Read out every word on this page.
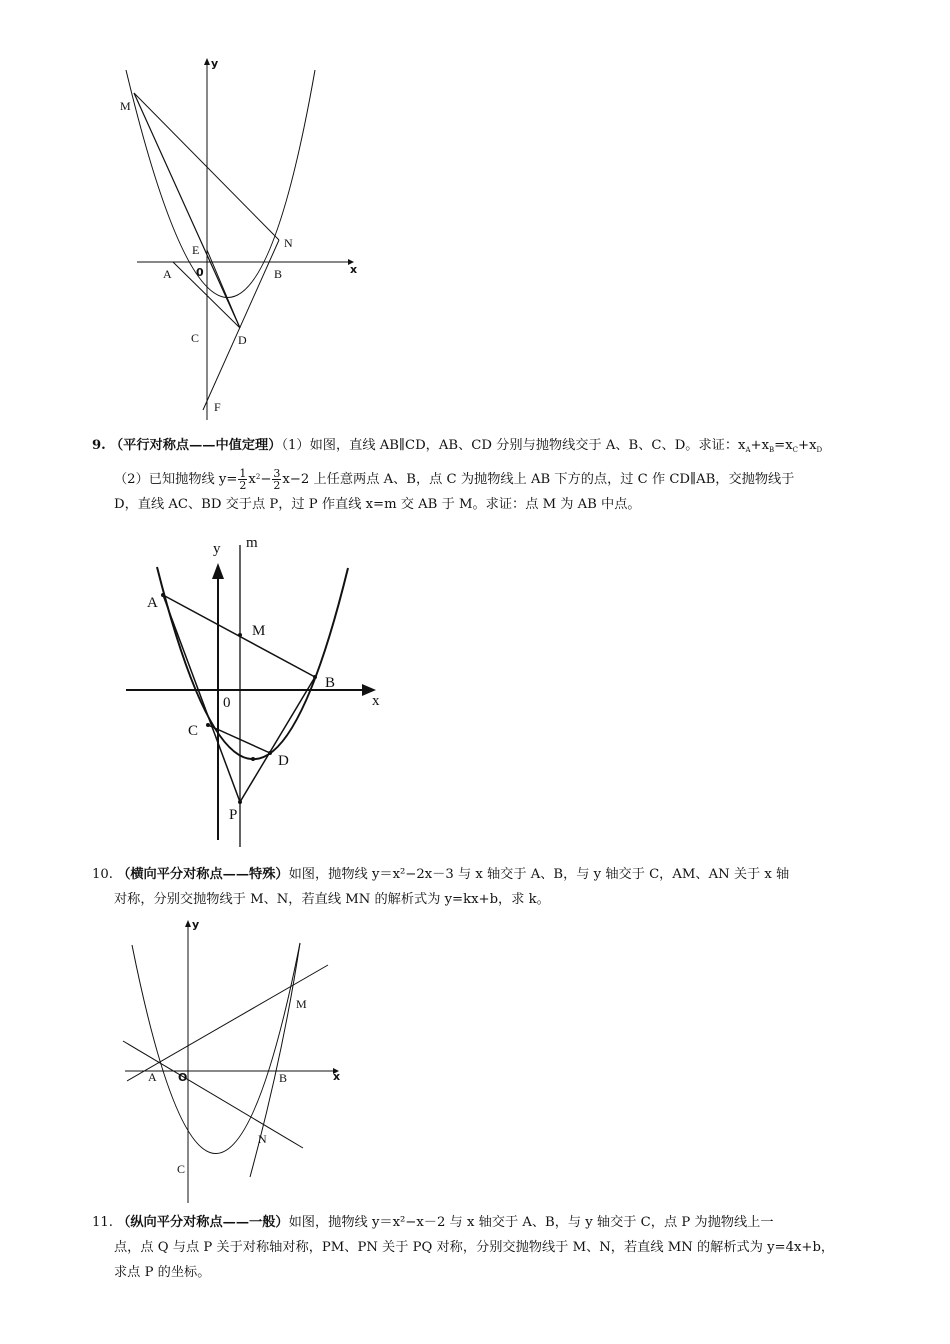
y
x
M
E	N
A 0	B
C	D
F
9. （平行对称点——中值定理）（1）如图，直线 AB∥CD，AB、CD 分别与抛物线交于 A、B、C、D。求证：$x_A+x_B=x_C+x_D$
（2）已知抛物线 $y= \frac{1}{2} x^2- \frac{3}{2} x-2$ 上任意两点 A、B，点 C 为抛物线上 AB 下方的点，过 C 作 CD∥AB，交抛物线于
D，直线 AC、BD 交于点 P，过 P 作直线 x=m 交 AB 于 M。求证：点 M 为 AB 中点。
y m
A
M
B
x
0
C
D
P
10. （横向平分对称点——特殊）如图，抛物线 y＝x²−2x－3 与 x 轴交于 A、B，与 y 轴交于 C，AM、AN 关于 x 轴
对称，分别交抛物线于 M、N，若直线 MN 的解析式为 y=kx+b，求 k。
y
M
A O	B	x
N
C
11. （纵向平分对称点——一般）如图，抛物线 y＝x²−x－2 与 x 轴交于 A、B，与 y 轴交于 C，点 P 为抛物线上一
点，点 Q 与点 P 关于对称轴对称，PM、PN 关于 PQ 对称，分别交抛物线于 M、N，若直线 MN 的解析式为 y=4x+b，
求点 P 的坐标。
